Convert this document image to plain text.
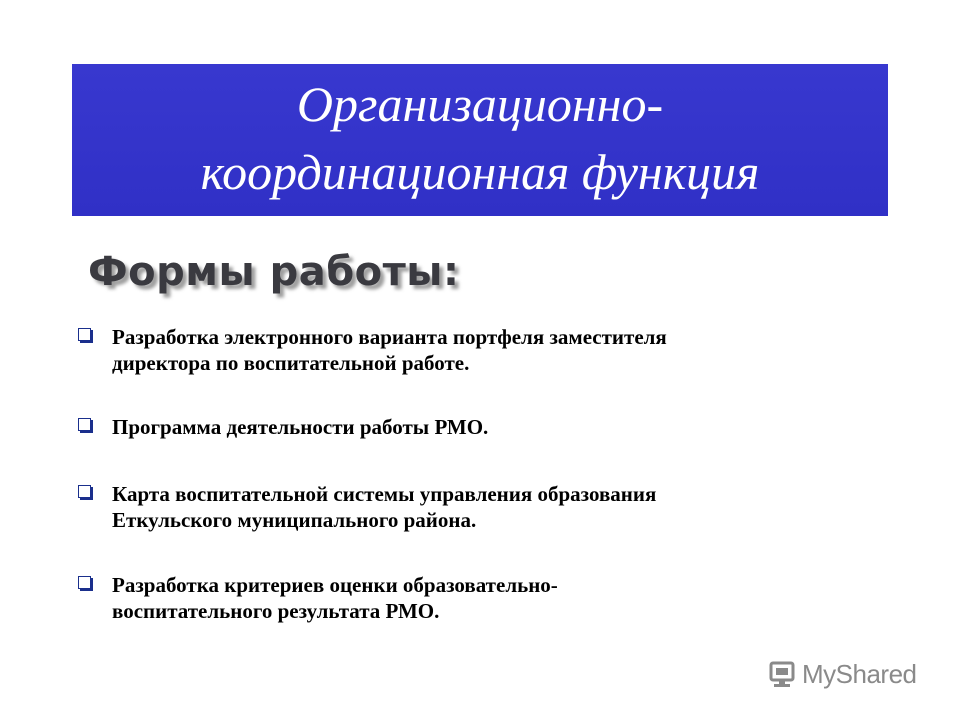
Организационно-
координационная функция
Формы работы:
Разработка электронного варианта портфеля заместителя
директора по воспитательной работе.
Программа деятельности работы РМО.
Карта воспитательной системы управления образования
Еткульского муниципального района.
Разработка критериев оценки образовательно-
воспитательного результата РМО.
MyShared
